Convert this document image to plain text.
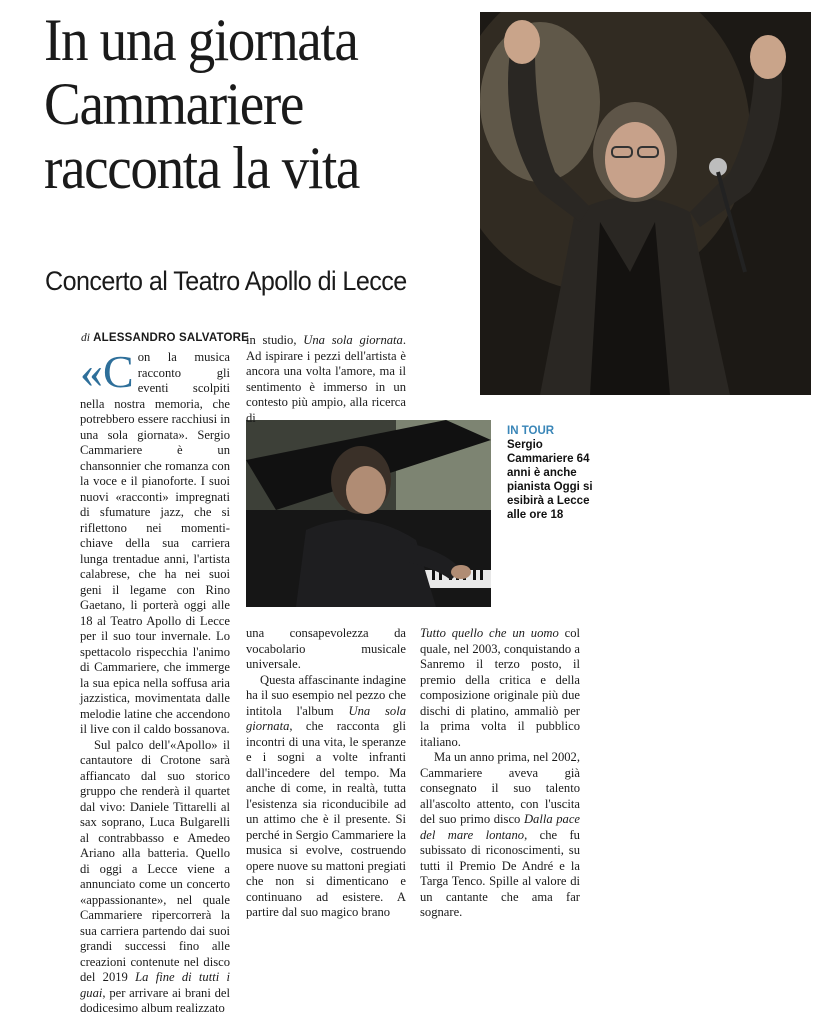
In una giornata Cammariere racconta la vita
Concerto al Teatro Apollo di Lecce
IN TOUR
Sergio Cammariere 64 anni è anche pianista Oggi si esibirà a Lecce alle ore 18
di ALESSANDRO SALVATORE

«Con la musica racconto gli eventi scolpiti nella nostra memoria, che potrebbero essere racchiusi in una sola giornata». Sergio Cammariere è un chansonnier che romanza con la voce e il pianoforte. I suoi nuovi «racconti» impregnati di sfumature jazz, che si riflettono nei momenti-chiave della sua carriera lunga trentadue anni, l'artista calabrese, che ha nei suoi geni il legame con Rino Gaetano, li porterà oggi alle 18 al Teatro Apollo di Lecce per il suo tour invernale. Lo spettacolo rispecchia l'animo di Cammariere, che immerge la sua epica nella soffusa aria jazzistica, movimentata dalle melodie latine che accendono il live con il caldo bossanova.

Sul palco dell'«Apollo» il cantautore di Crotone sarà affiancato dal suo storico gruppo che renderà il quartet dal vivo: Daniele Tittarelli al sax soprano, Luca Bulgarelli al contrabbasso e Amedeo Ariano alla batteria. Quello di oggi a Lecce viene a annunciato come un concerto «appassionante», nel quale Cammariere ripercorrerà la sua carriera partendo dai suoi grandi successi fino alle creazioni contenute nel disco del 2019 La fine di tutti i guai, per arrivare ai brani del dodicesimo album realizzato

in studio, Una sola giornata. Ad ispirare i pezzi dell'artista è ancora una volta l'amore, ma il sentimento è immerso in un contesto più ampio, alla ricerca di

una consapevolezza da vocabolario musicale universale.

Questa affascinante indagine ha il suo esempio nel pezzo che intitola l'album Una sola giornata, che racconta gli incontri di una vita, le speranze e i sogni a volte infranti dall'incedere del tempo. Ma anche di come, in realtà, tutta l'esistenza sia riconducibile ad un attimo che è il presente. Si perché in Sergio Cammariere la musica si evolve, costruendo opere nuove su mattoni pregiati che non si dimenticano e continuano ad esistere. A partire dal suo magico brano

Tutto quello che un uomo col quale, nel 2003, conquistando a Sanremo il terzo posto, il premio della critica e della composizione originale più due dischi di platino, ammaliò per la prima volta il pubblico italiano.

Ma un anno prima, nel 2002, Cammariere aveva già consegnato il suo talento all'ascolto attento, con l'uscita del suo primo disco Dalla pace del mare lontano, che fu subissato di riconoscimenti, su tutti il Premio De André e la Targa Tenco. Spille al valore di un cantante che ama far sognare.
